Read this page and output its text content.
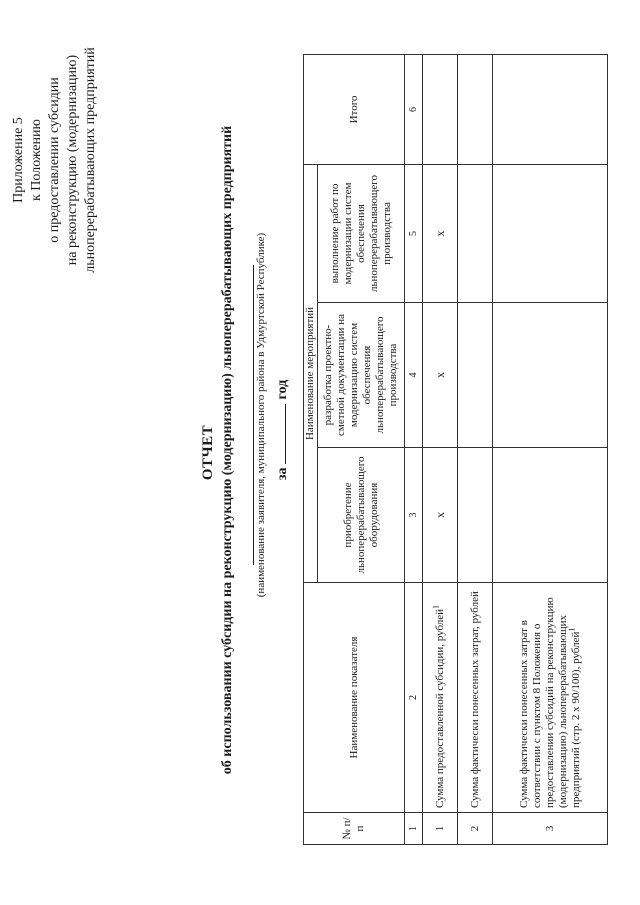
Приложение 5 к Положению о предоставлении субсидии на реконструкцию (модернизацию) льноперерабатывающих предприятий
ОТЧЕТ об использовании субсидии на реконструкцию (модернизацию) льноперерабатывающих предприятий (наименование заявителя, муниципального района в Удмуртской Республике) загод
№ п/п	Наименование показателя	Наименование мероприятий			Итого
		приобретение льноперерабатывающего оборудования	разработка проектно-сметной документации на модернизацию систем обеспечения льноперерабатывающего производства	выполнение работ по модернизации систем обеспечения льноперерабатывающего производства	
1	2	3	4	5	6
1	Сумма предоставленной субсидии, рублей$^1$	х	х	х	
2	Сумма фактически понесенных затрат, рублей				
3	Сумма фактически понесенных затрат в соответствии с пунктом 8 Положения о предоставлении субсидий на реконструкцию (модернизацию) льноперерабатывающих предприятий (стр. 2 х 90/100), рублей$^1$				
